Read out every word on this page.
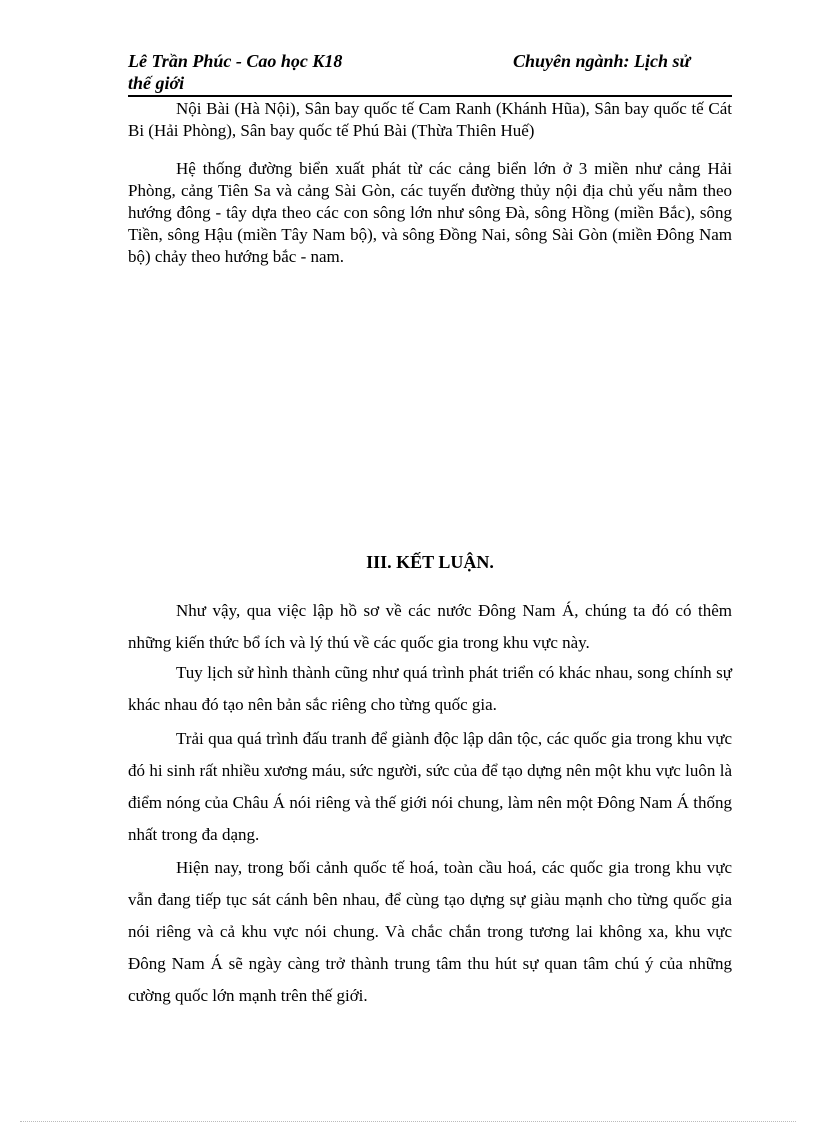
Lê Trần Phúc - Cao học K18	Chuyên ngành: Lịch sử
thế giới

Nội Bài (Hà Nội), Sân bay quốc tế Cam Ranh (Khánh Hũa), Sân bay quốc tế Cát Bi (Hải Phòng), Sân bay quốc tế Phú Bài (Thừa Thiên Huế)

Hệ thống đường biển xuất phát từ các cảng biển lớn ở 3 miền như cảng Hải Phòng, cảng Tiên Sa và cảng Sài Gòn, các tuyến đường thủy nội địa chủ yếu nằm theo hướng đông - tây dựa theo các con sông lớn như sông Đà, sông Hồng (miền Bắc), sông Tiền, sông Hậu (miền Tây Nam bộ), và sông Đồng Nai, sông Sài Gòn (miền Đông Nam bộ) chảy theo hướng bắc - nam.

III. KẾT LUẬN.

Như vậy, qua việc lập hồ sơ về các nước Đông Nam Á, chúng ta đó có thêm những kiến thức bổ ích và lý thú về các quốc gia trong khu vực này.

Tuy lịch sử hình thành cũng như quá trình phát triển có khác nhau, song chính sự khác nhau đó tạo nên bản sắc riêng cho từng quốc gia.

Trải qua quá trình đấu tranh để giành độc lập dân tộc, các quốc gia trong khu vực đó hi sinh rất nhiều xương máu, sức người, sức của để tạo dựng nên một khu vực luôn là điểm nóng của Châu Á nói riêng và thế giới nói chung, làm nên một Đông Nam Á thống nhất trong đa dạng.

Hiện nay, trong bối cảnh quốc tế hoá, toàn cầu hoá, các quốc gia trong khu vực vẫn đang tiếp tục sát cánh bên nhau, để cùng tạo dựng sự giàu mạnh cho từng quốc gia nói riêng và cả khu vực nói chung. Và chắc chắn trong tương lai không xa, khu vực Đông Nam Á sẽ ngày càng trở thành trung tâm thu hút sự quan tâm chú ý của những cường quốc lớn mạnh trên thế giới.
